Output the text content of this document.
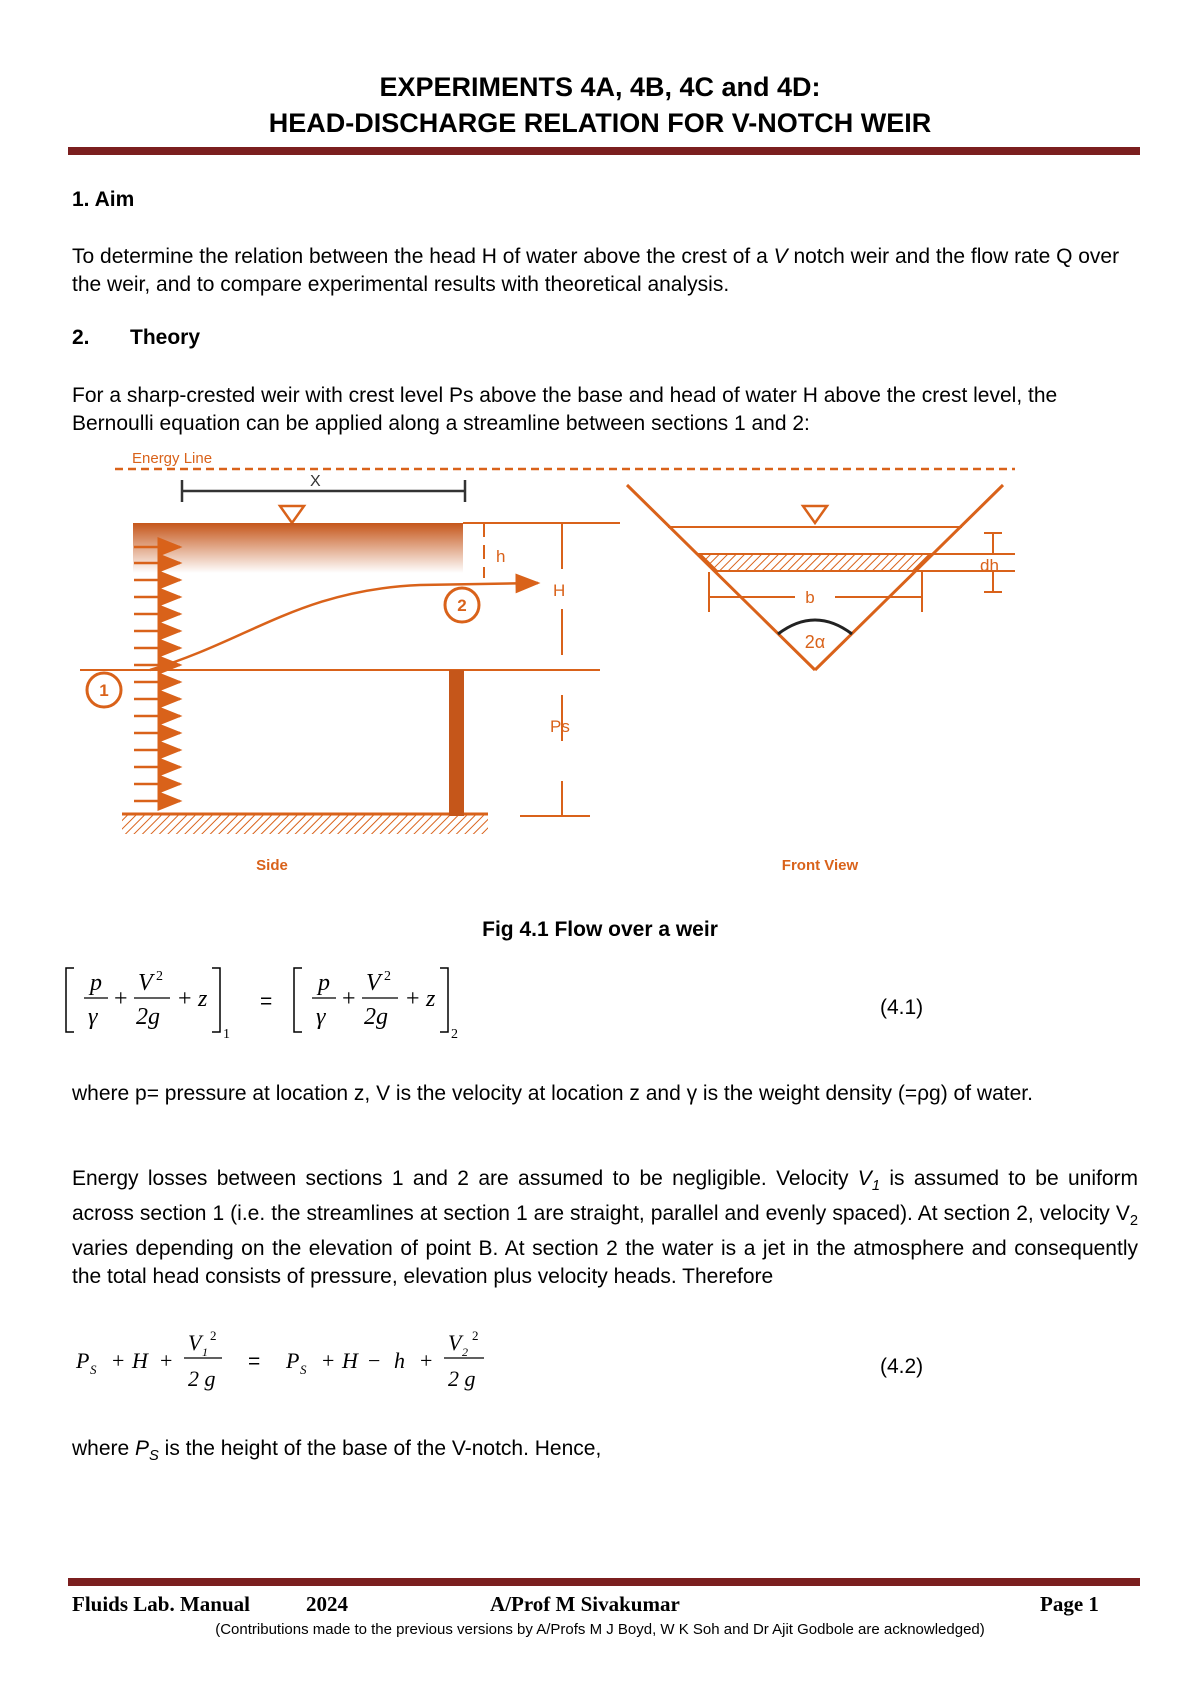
EXPERIMENTS 4A, 4B, 4C and 4D:
HEAD-DISCHARGE RELATION FOR V-NOTCH WEIR
1. Aim
To determine the relation between the head H of water above the crest of a V notch weir and the flow rate Q over the weir, and to compare experimental results with theoretical analysis.
2. Theory
For a sharp-crested weir with crest level Ps above the base and head of water H above the crest level, the Bernoulli equation can be applied along a streamline between sections 1 and 2:
Energy Line
X
h
H
Ps
1
2
dh
b
2α
Side	Front View
Fig 4.1 Flow over a weir
p
γ
+
V 2
2g
+ z
1
=
p
γ
+
V 2
2g
+ z
2
(4.1)
where p= pressure at location z, V is the velocity at location z and γ is the weight density (=ρg) of water.
Energy losses between sections 1 and 2 are assumed to be negligible. Velocity $V_1$ is assumed to be uniform across section 1 (i.e. the streamlines at section 1 are straight, parallel and evenly spaced). At section 2, velocity $V_2$ varies depending on the elevation of point B. At section 2 the water is a jet in the atmosphere and consequently the total head consists of pressure, elevation plus velocity heads. Therefore
P S + H +
V 1
2
2 g
= P S + H − h +
V 2
2
2 g	(4.2)
where $P_S$ is the height of the base of the V-notch. Hence,
Fluids Lab. Manual	2024	A/Prof M Sivakumar	Page 1
(Contributions made to the previous versions by A/Profs M J Boyd, W K Soh and Dr Ajit Godbole are acknowledged)
